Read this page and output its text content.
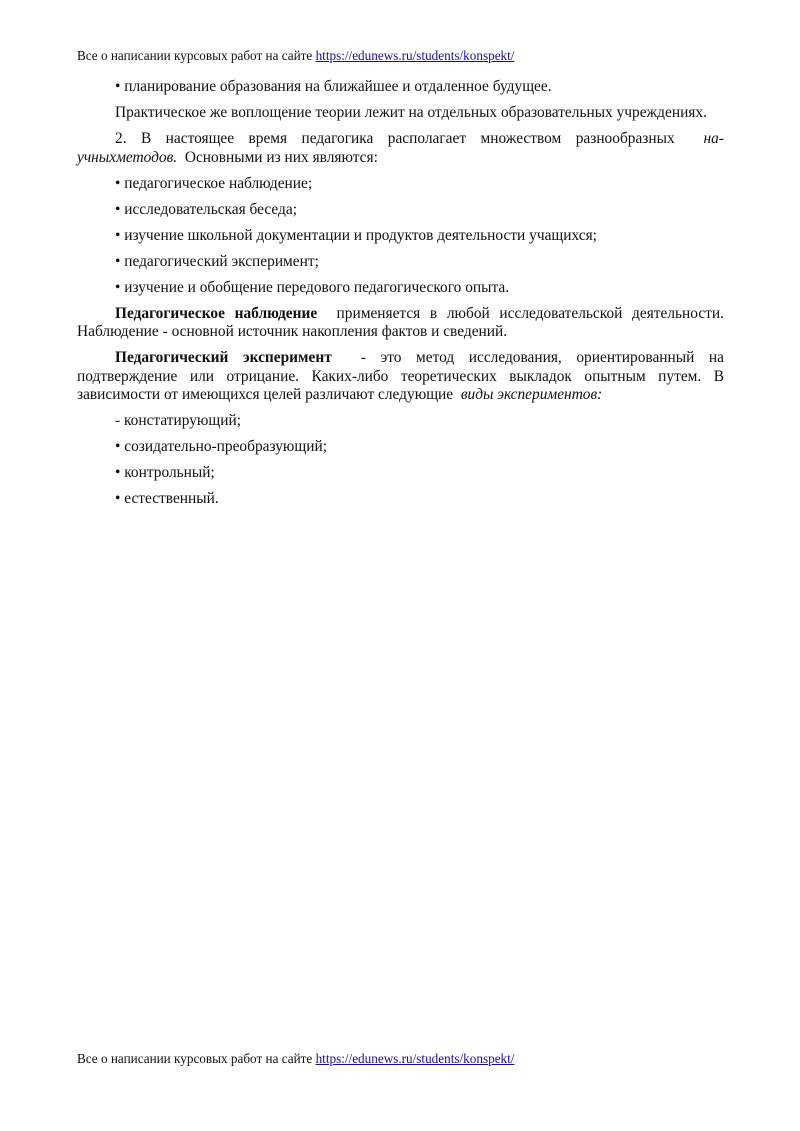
Все о написании курсовых работ на сайте https://edunews.ru/students/konspekt/

• планирование образования на ближайшее и отдаленное будущее.

Практическое же воплощение теории лежит на отдельных образовательных учреждениях.

2. В настоящее время педагогика располагает множеством разнообразных на-учныхметодов. Основными из них являются:

• педагогическое наблюдение;

• исследовательская беседа;

• изучение школьной документации и продуктов деятельности учащихся;

• педагогический эксперимент;

• изучение и обобщение передового педагогического опыта.

Педагогическое наблюдение применяется в любой исследовательской деятельности. Наблюдение - основной источник накопления фактов и сведений.

Педагогический эксперимент - это метод исследования, ориентированный на подтверждение или отрицание. Каких-либо теоретических выкладок опытным путем. В зависимости от имеющихся целей различают следующие виды экспериментов:

- констатирующий;

• созидательно-преобразующий;

• контрольный;

• естественный.

Все о написании курсовых работ на сайте https://edunews.ru/students/konspekt/
